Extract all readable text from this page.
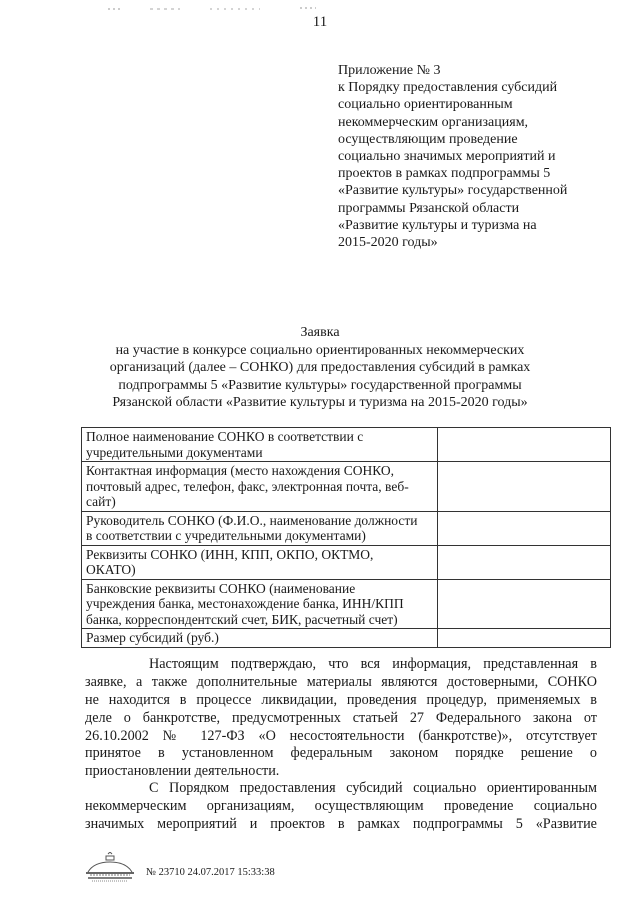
11
Приложение № 3
к Порядку предоставления субсидий
социально ориентированным
некоммерческим организациям,
осуществляющим проведение
социально значимых мероприятий и
проектов в рамках подпрограммы 5
«Развитие культуры» государственной
программы Рязанской области
«Развитие культуры и туризма на
2015-2020 годы»
Заявка
на участие в конкурсе социально ориентированных некоммерческих
организаций (далее – СОНКО) для предоставления субсидий в рамках
подпрограммы 5 «Развитие культуры» государственной программы
Рязанской области «Развитие культуры и туризма на 2015-2020 годы»
Полное наименование СОНКО в соответствии с
учредительными документами	

Контактная информация (место нахождения СОНКО,
почтовый адрес, телефон, факс, электронная почта, веб-
сайт)	

Руководитель СОНКО (Ф.И.О., наименование должности
в соответствии с учредительными документами)	

Реквизиты СОНКО (ИНН, КПП, ОКПО, ОКТМО,
ОКАТО)	

Банковские реквизиты СОНКО (наименование
учреждения банка, местонахождение банка, ИНН/КПП
банка, корреспондентский счет, БИК, расчетный счет)	

Размер субсидий (руб.)	

Настоящим подтверждаю, что вся информация, представленная в
заявке, а также дополнительные материалы являются достоверными, СОНКО
не находится в процессе ликвидации, проведения процедур, применяемых в
деле о банкротстве, предусмотренных статьей 27 Федерального закона от
26.10.2002 № 127-ФЗ «О несостоятельности (банкротстве)», отсутствует
принятое в установленном федеральным законом порядке решение о
приостановлении деятельности.
С Порядком предоставления субсидий социально ориентированным
некоммерческим организациям, осуществляющим проведение социально
значимых мероприятий и проектов в рамках подпрограммы 5 «Развитие
№ 23710 24.07.2017 15:33:38
